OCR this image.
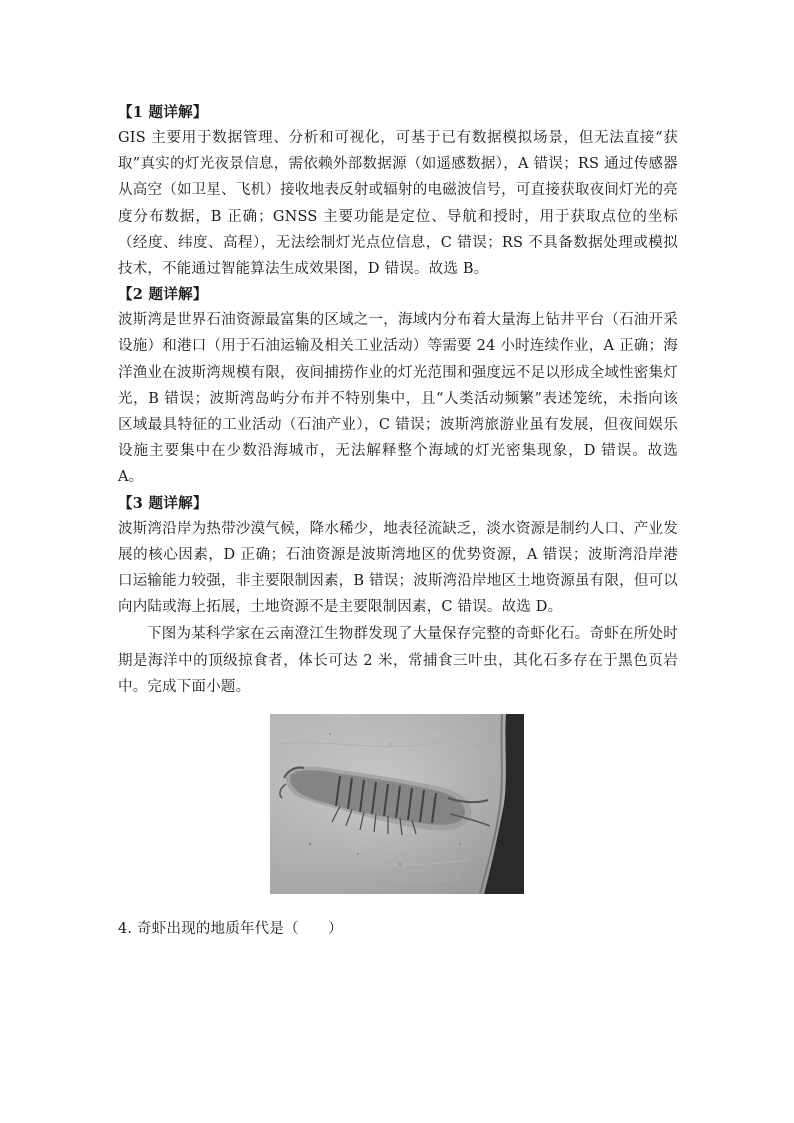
【1 题详解】

GIS 主要用于数据管理、分析和可视化，可基于已有数据模拟场景，但无法直接“获取”真实的灯光夜景信息，需依赖外部数据源（如遥感数据），A 错误；RS 通过传感器从高空（如卫星、飞机）接收地表反射或辐射的电磁波信号，可直接获取夜间灯光的亮度分布数据，B 正确；GNSS 主要功能是定位、导航和授时，用于获取点位的坐标（经度、纬度、高程），无法绘制灯光点位信息，C 错误；RS 不具备数据处理或模拟技术，不能通过智能算法生成效果图，D 错误。故选 B。

【2 题详解】

波斯湾是世界石油资源最富集的区域之一，海域内分布着大量海上钻井平台（石油开采设施）和港口（用于石油运输及相关工业活动）等需要 24 小时连续作业，A 正确；海洋渔业在波斯湾规模有限，夜间捕捞作业的灯光范围和强度远不足以形成全域性密集灯光，B 错误；波斯湾岛屿分布并不特别集中，且“人类活动频繁”表述笼统，未指向该区域最具特征的工业活动（石油产业），C 错误；波斯湾旅游业虽有发展，但夜间娱乐设施主要集中在少数沿海城市，无法解释整个海域的灯光密集现象，D 错误。故选 A。

【3 题详解】

波斯湾沿岸为热带沙漠气候，降水稀少，地表径流缺乏，淡水资源是制约人口、产业发展的核心因素，D 正确；石油资源是波斯湾地区的优势资源，A 错误；波斯湾沿岸港口运输能力较强，非主要限制因素，B 错误；波斯湾沿岸地区土地资源虽有限，但可以向内陆或海上拓展，土地资源不是主要限制因素，C 错误。故选 D。

下图为某科学家在云南澄江生物群发现了大量保存完整的奇虾化石。奇虾在所处时期是海洋中的顶级掠食者，体长可达 2 米，常捕食三叶虫，其化石多存在于黑色页岩中。完成下面小题。

4. 奇虾出现的地质年代是（　　）
